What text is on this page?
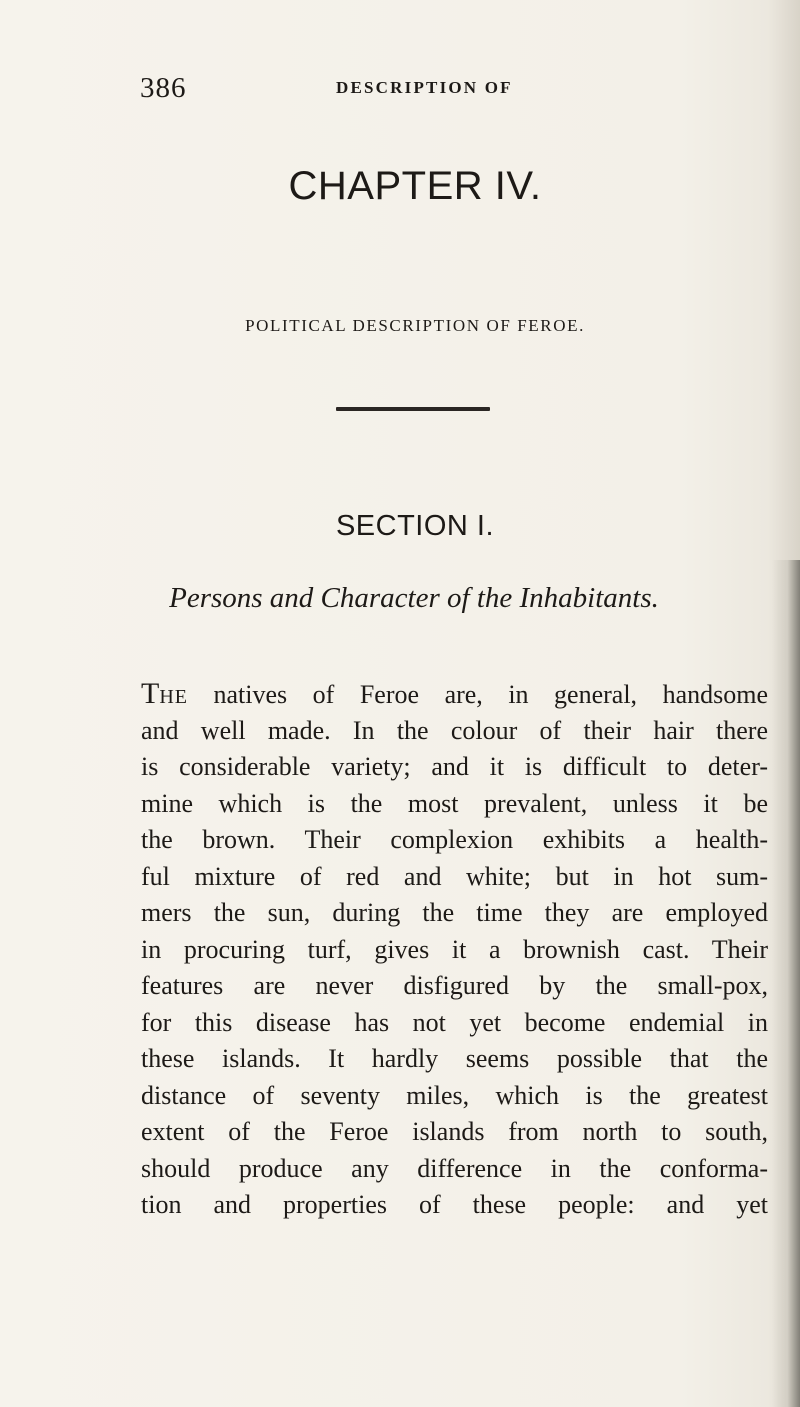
386	DESCRIPTION OF
CHAPTER IV.
POLITICAL DESCRIPTION OF FEROE.
SECTION I.
Persons and Character of the Inhabitants.
THE natives of Feroe are, in general, handsome
and well made. In the colour of their hair there
is considerable variety; and it is difficult to deter-
mine which is the most prevalent, unless it be
the brown. Their complexion exhibits a health-
ful mixture of red and white; but in hot sum-
mers the sun, during the time they are employed
in procuring turf, gives it a brownish cast. Their
features are never disfigured by the small-pox,
for this disease has not yet become endemial in
these islands. It hardly seems possible that the
distance of seventy miles, which is the greatest
extent of the Feroe islands from north to south,
should produce any difference in the conforma-
tion and properties of these people: and yet
